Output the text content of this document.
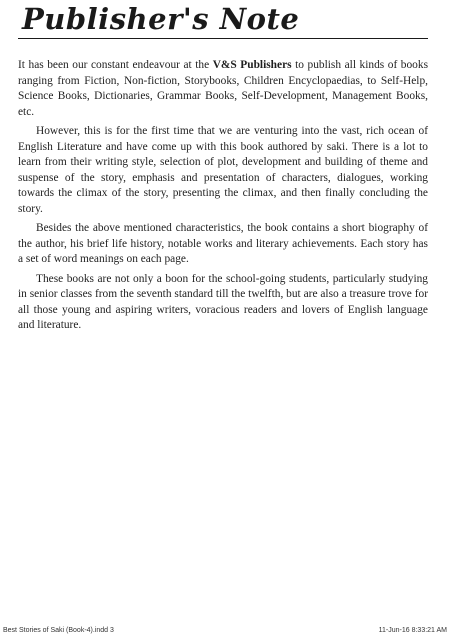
Publisher's Note

It has been our constant endeavour at the V&S Publishers to publish all kinds of books ranging from Fiction, Non-fiction, Storybooks, Children Encyclopaedias, to Self-Help, Science Books, Dictionaries, Grammar Books, Self-Development, Management Books, etc.

However, this is for the first time that we are venturing into the vast, rich ocean of English Literature and have come up with this book authored by saki. There is a lot to learn from their writing style, selection of plot, development and building of theme and suspense of the story, emphasis and presentation of characters, dialogues, working towards the climax of the story, presenting the climax, and then finally concluding the story.

Besides the above mentioned characteristics, the book contains a short biography of the author, his brief life history, notable works and literary achievements. Each story has a set of word meanings on each page.

These books are not only a boon for the school-going students, particularly studying in senior classes from the seventh standard till the twelfth, but are also a treasure trove for all those young and aspiring writers, voracious readers and lovers of English language and literature.

Best Stories of Saki (Book-4).indd 3	11-Jun-16 8:33:21 AM
